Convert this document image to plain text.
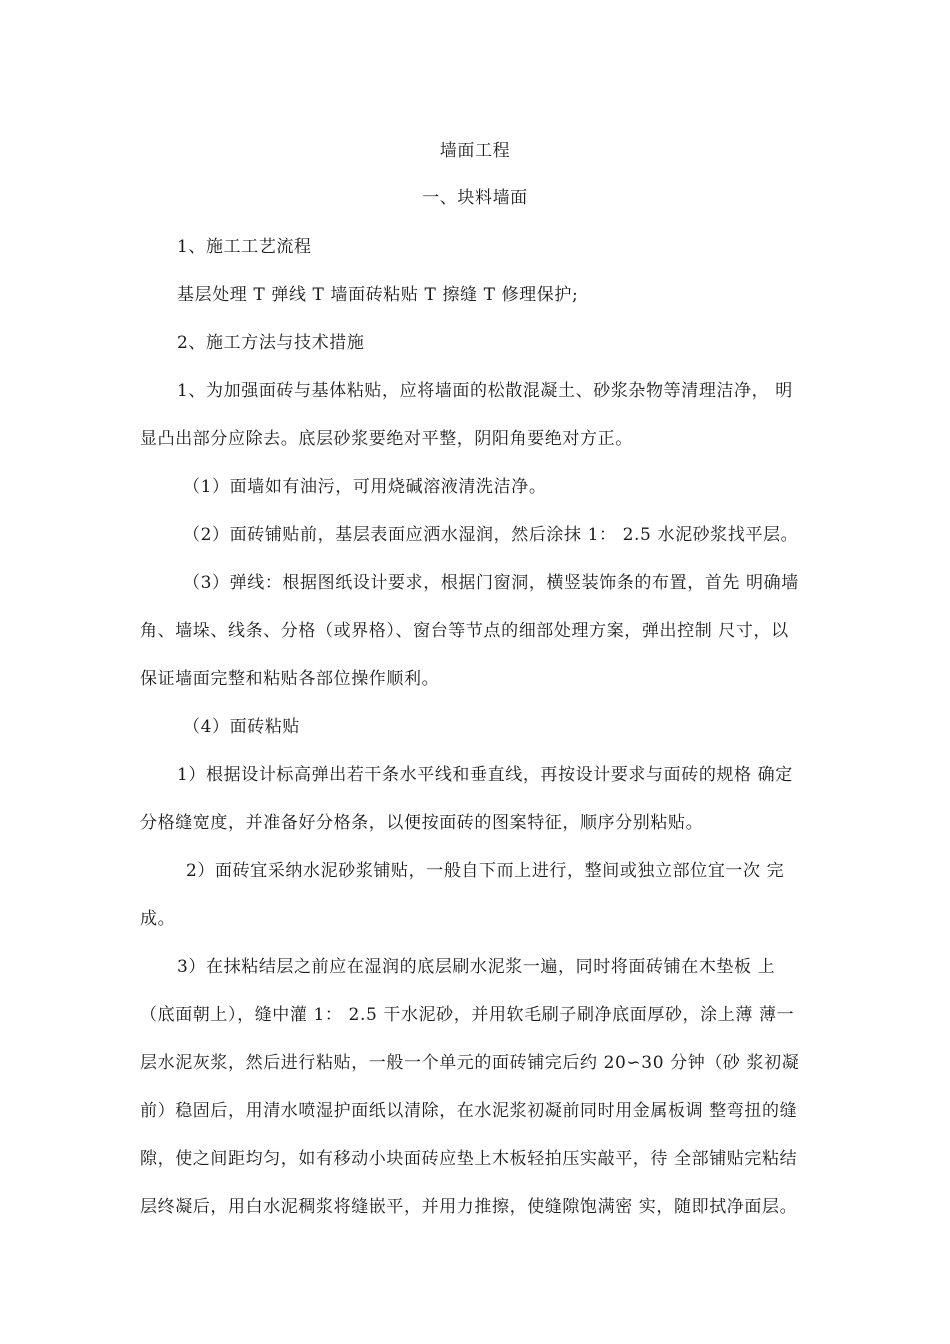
墙面工程
一、块料墙面
1、施工工艺流程
基层处理 T 弹线 T 墙面砖粘贴 T 擦缝 T 修理保护;
2、施工方法与技术措施
1、为加强面砖与基体粘贴，应将墙面的松散混凝土、砂浆杂物等清理洁净， 明
显凸出部分应除去。底层砂浆要绝对平整，阴阳角要绝对方正。
（1）面墙如有油污，可用烧碱溶液清洗洁净。
（2）面砖铺贴前，基层表面应洒水湿润，然后涂抹 1： 2.5 水泥砂浆找平层。
（3）弹线：根据图纸设计要求，根据门窗洞，横竖装饰条的布置，首先 明确墙
角、墙垛、线条、分格（或界格）、窗台等节点的细部处理方案，弹出控制 尺寸，以
保证墙面完整和粘贴各部位操作顺利。
（4）面砖粘贴
1）根据设计标高弹出若干条水平线和垂直线，再按设计要求与面砖的规格 确定
分格缝宽度，并准备好分格条，以便按面砖的图案特征，顺序分别粘贴。
2）面砖宜采纳水泥砂浆铺贴，一般自下而上进行，整间或独立部位宜一次 完
成。
3）在抹粘结层之前应在湿润的底层刷水泥浆一遍，同时将面砖铺在木垫板 上
（底面朝上），缝中灌 1： 2.5 干水泥砂，并用软毛刷子刷净底面厚砂，涂上薄 薄一
层水泥灰浆，然后进行粘贴，一般一个单元的面砖铺完后约 20∽30 分钟（砂 浆初凝
前）稳固后，用清水喷湿护面纸以清除，在水泥浆初凝前同时用金属板调 整弯扭的缝
隙，使之间距均匀，如有移动小块面砖应垫上木板轻拍压实敲平，待 全部铺贴完粘结
层终凝后，用白水泥稠浆将缝嵌平，并用力推擦，使缝隙饱满密 实，随即拭净面层。
